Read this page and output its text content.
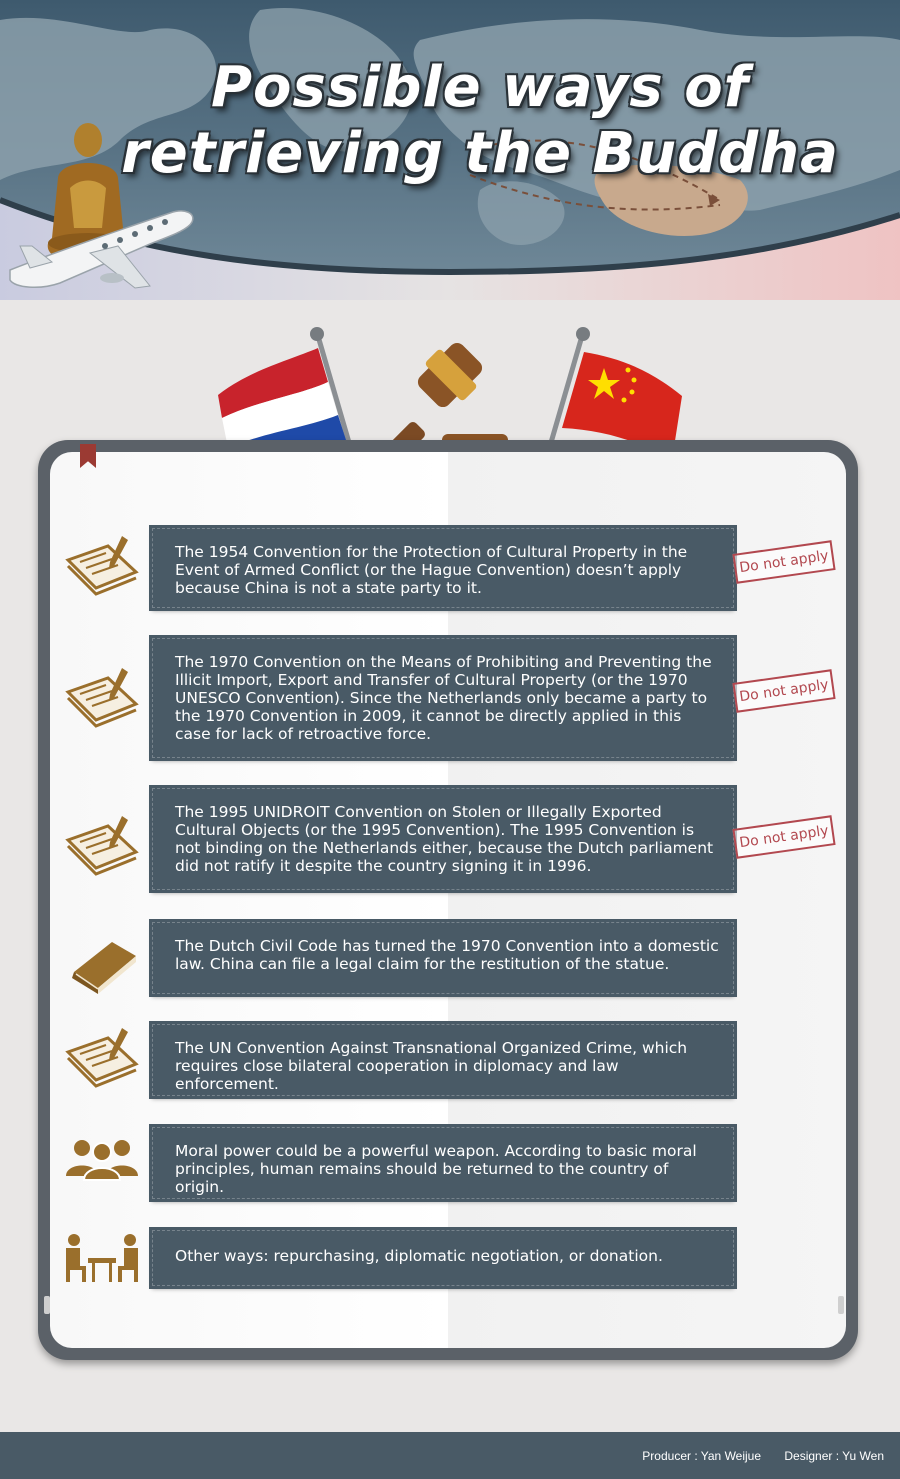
Possible ways of
retrieving the Buddha
The 1954 Convention for the Protection of Cultural Property in the Event of Armed Conflict (or the Hague Convention) doesn’t apply because China is not a state party to it.
Do not apply
The 1970 Convention on the Means of Prohibiting and Preventing the Illicit Import, Export and Transfer of Cultural Property (or the 1970 UNESCO Convention). Since the Netherlands only became a party to the 1970 Convention in 2009, it cannot be directly applied in this case for lack of retroactive force.
Do not apply
The 1995 UNIDROIT Convention on Stolen or Illegally Exported Cultural Objects (or the 1995 Convention). The 1995 Convention is not binding on the Netherlands either, because the Dutch parliament did not ratify it despite the country signing it in 1996.
Do not apply
The Dutch Civil Code has turned the 1970 Convention into a domestic law. China can file a legal claim for the restitution of the statue.
The UN Convention Against Transnational Organized Crime, which requires close bilateral cooperation in diplomacy and law enforcement.
Moral power could be a powerful weapon. According to basic moral principles, human remains should be returned to the country of origin.
Other ways: repurchasing, diplomatic negotiation, or donation.
Producer : Yan Weijue Designer : Yu Wen
